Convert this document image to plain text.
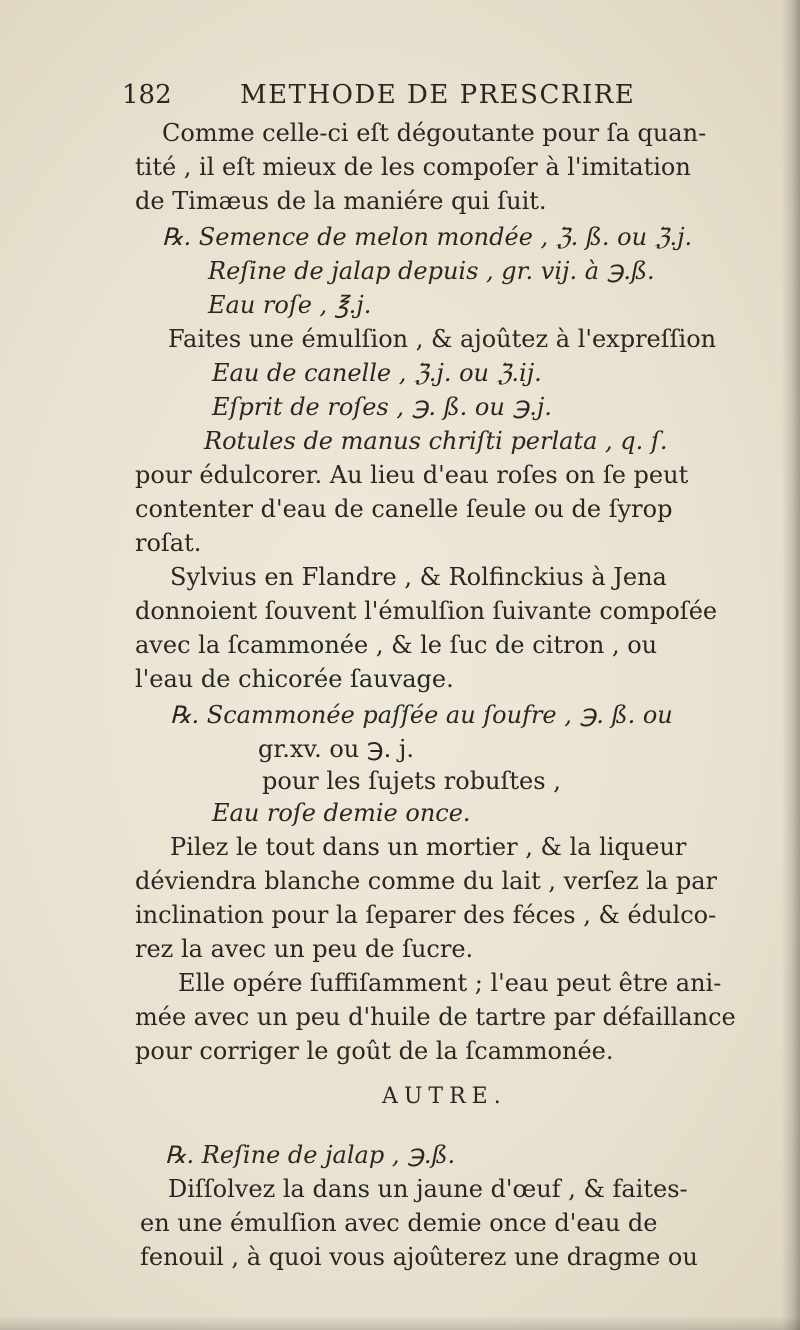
182	METHODE DE PRESCRIRE
Comme celle-ci eſt dégoutante pour ſa quan-
tité , il eſt mieux de les compoſer à l'imitation
de Timæus de la maniére qui ſuit.
℞. Semence de melon mondée , ℨ. ß. ou ℨ.j.
Reſine de jalap depuis , gr. vij. à ℈.ß.
Eau roſe , ℥.j.
Faites une émulſion , & ajoûtez à l'expreſſion
Eau de canelle , ℨ.j. ou ℨ.ij.
Eſprit de roſes , ℈. ß. ou ℈.j.
Rotules de manus chriſti perlata , q. ſ.
pour édulcorer. Au lieu d'eau roſes on ſe peut
contenter d'eau de canelle ſeule ou de ſyrop
roſat.
Sylvius en Flandre , & Rolfinckius à Jena
donnoient ſouvent l'émulſion ſuivante compoſée
avec la ſcammonée , & le ſuc de citron , ou
l'eau de chicorée ſauvage.
℞. Scammonée paſſée au ſoufre , ℈. ß. ou
gr.xv. ou ℈. j.
pour les ſujets robuſtes ,
Eau roſe demie once.
Pilez le tout dans un mortier , & la liqueur
déviendra blanche comme du lait , verſez la par
inclination pour la ſeparer des féces , & édulco-
rez la avec un peu de ſucre.
Elle opére ſuffiſamment ; l'eau peut être ani-
mée avec un peu d'huile de tartre par défaillance
pour corriger le goût de la ſcammonée.
AUTRE.
℞. Reſine de jalap , ℈.ß.
Diſſolvez la dans un jaune d'œuf , & faites-
en une émulſion avec demie once d'eau de
fenouil , à quoi vous ajoûterez une dragme ou
